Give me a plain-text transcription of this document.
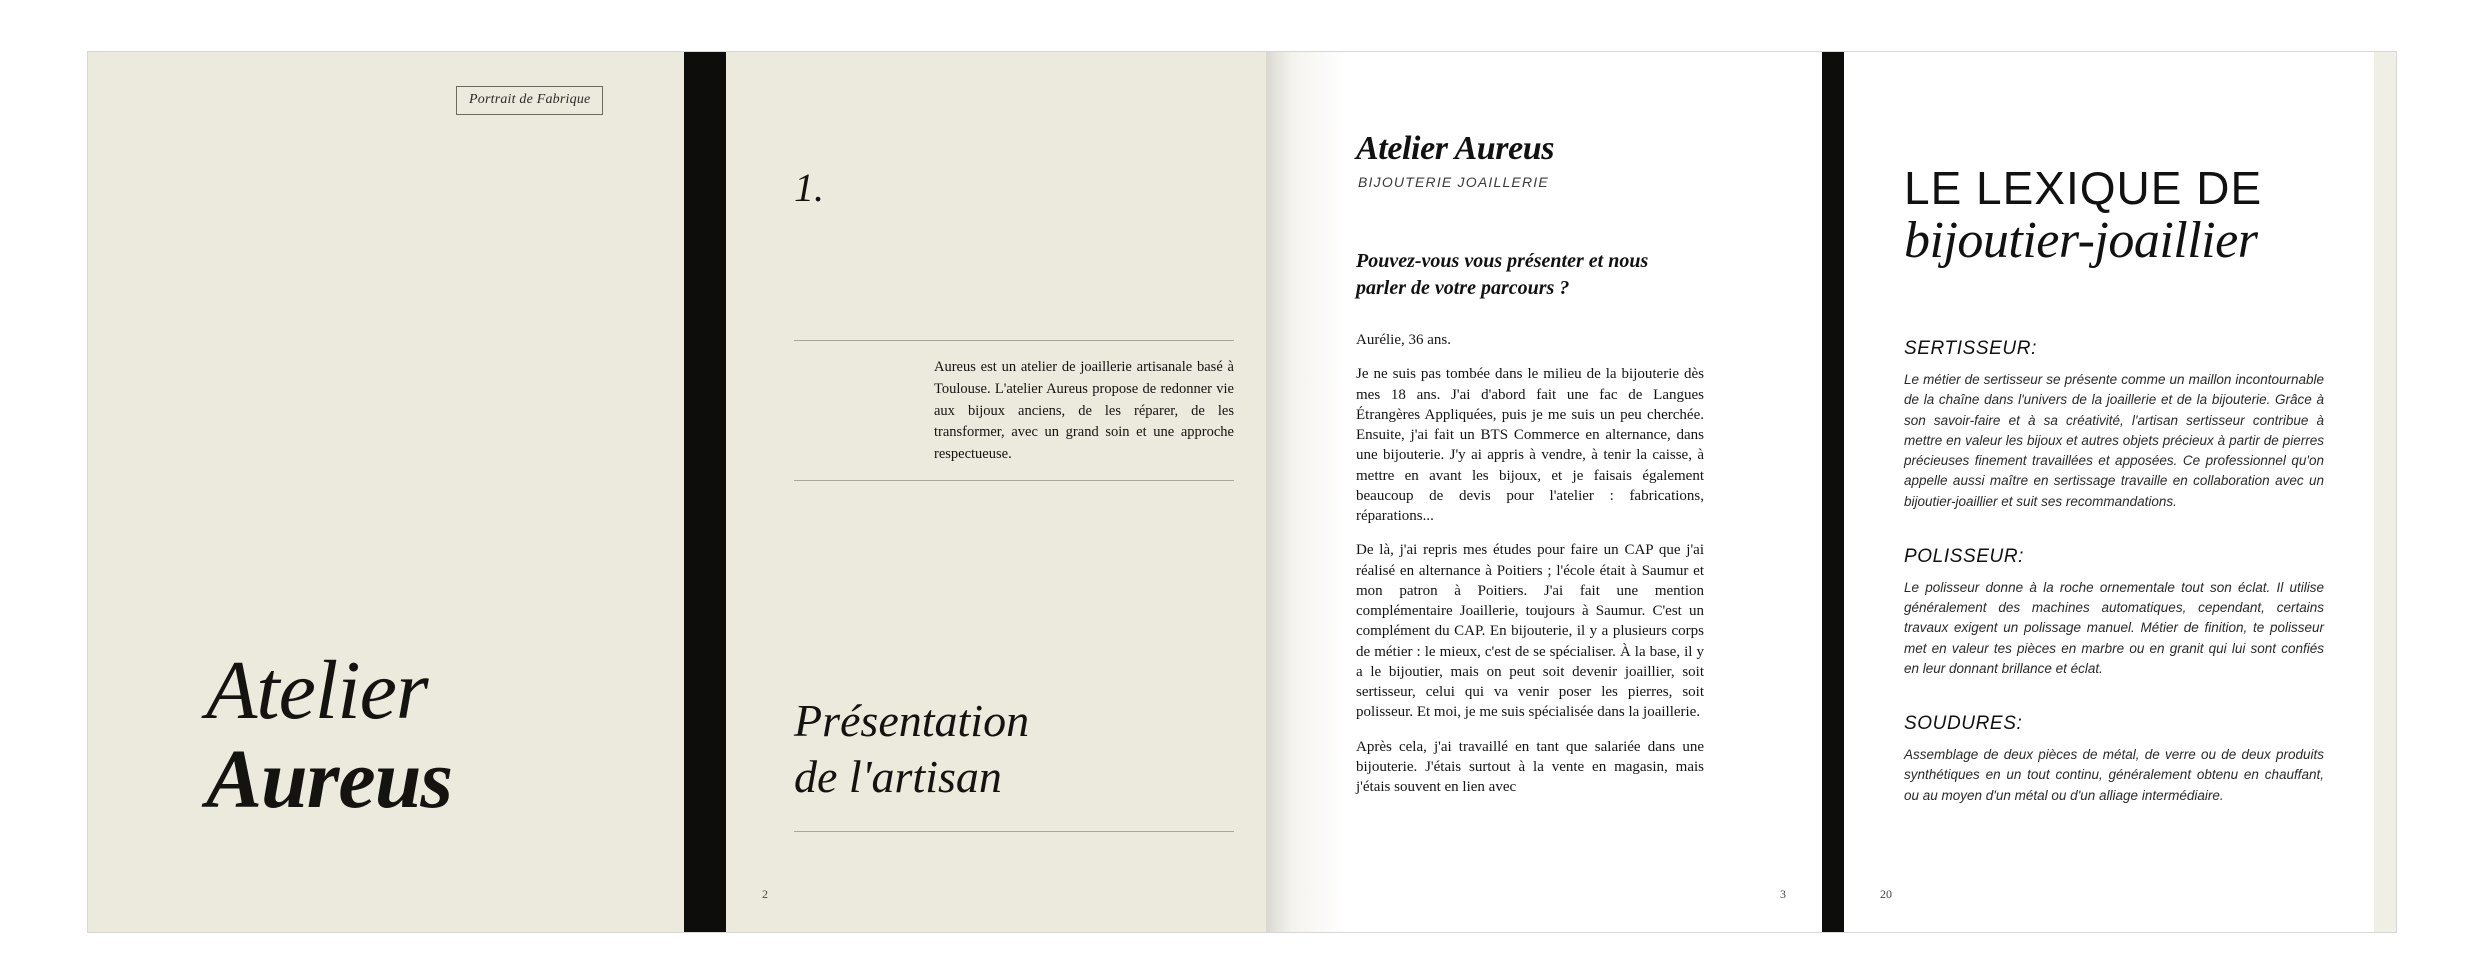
Portrait de Fabrique
Atelier
Aureus
1.

Aureus est un atelier de joaillerie artisanale basé à Toulouse. L'atelier Aureus propose de redonner vie aux bijoux anciens, de les réparer, de les transformer, avec un grand soin et une approche respectueuse.

Présentation
de l'artisan
2
Atelier Aureus
BIJOUTERIE JOAILLERIE
Pouvez-vous vous présenter et nous parler de votre parcours ?

Aurélie, 36 ans.

Je ne suis pas tombée dans le milieu de la bijouterie dès mes 18 ans. J'ai d'abord fait une fac de Langues Étrangères Appliquées, puis je me suis un peu cherchée. Ensuite, j'ai fait un BTS Commerce en alternance, dans une bijouterie. J'y ai appris à vendre, à tenir la caisse, à mettre en avant les bijoux, et je faisais également beaucoup de devis pour l'atelier : fabrications, réparations...

De là, j'ai repris mes études pour faire un CAP que j'ai réalisé en alternance à Poitiers ; l'école était à Saumur et mon patron à Poitiers. J'ai fait une mention complémentaire Joaillerie, toujours à Saumur. C'est un complément du CAP. En bijouterie, il y a plusieurs corps de métier : le mieux, c'est de se spécialiser. À la base, il y a le bijoutier, mais on peut soit devenir joaillier, soit sertisseur, celui qui va venir poser les pierres, soit polisseur. Et moi, je me suis spécialisée dans la joaillerie.

Après cela, j'ai travaillé en tant que salariée dans une bijouterie. J'étais surtout à la vente en magasin, mais j'étais souvent en lien avec

3
LE LEXIQUE DE
bijoutier-joaillier
SERTISSEUR:
Le métier de sertisseur se présente comme un maillon incontournable de la chaîne dans l'univers de la joaillerie et de la bijouterie. Grâce à son savoir-faire et à sa créativité, l'artisan sertisseur contribue à mettre en valeur les bijoux et autres objets précieux à partir de pierres précieuses finement travaillées et apposées. Ce professionnel qu'on appelle aussi maître en sertissage travaille en collaboration avec un bijoutier-joaillier et suit ses recommandations.
POLISSEUR:
Le polisseur donne à la roche ornementale tout son éclat. Il utilise généralement des machines automatiques, cependant, certains travaux exigent un polissage manuel. Métier de finition, te polisseur met en valeur tes pièces en marbre ou en granit qui lui sont confiés en leur donnant brillance et éclat.
SOUDURES:
Assemblage de deux pièces de métal, de verre ou de deux produits synthétiques en un tout continu, généralement obtenu en chauffant, ou au moyen d'un métal ou d'un alliage intermédiaire.
20
